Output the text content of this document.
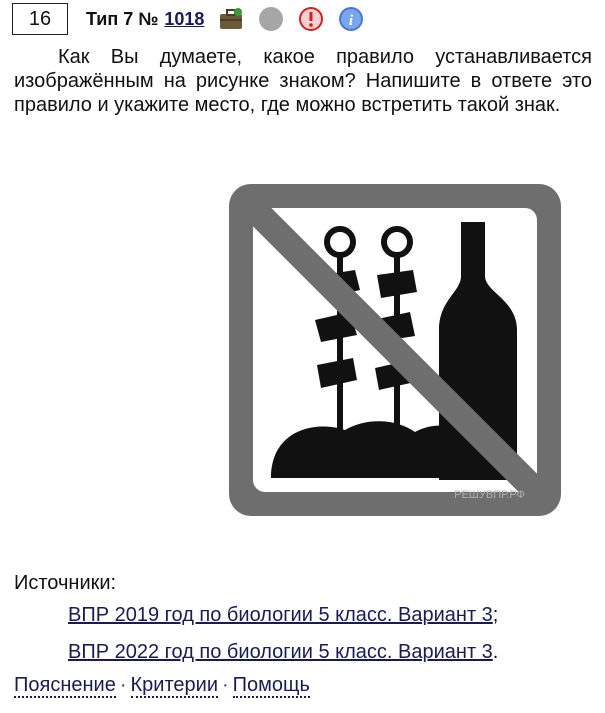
16	Тип 7 № 1018	i
Как Вы думаете, какое правило устанавливается изображённым на рисунке знаком? Напишите в ответе это правило и укажите место, где можно встретить такой знак.
РЕШУВПР.РФ
Источники:
ВПР 2019 год по биологии 5 класс. Вариант 3;
ВПР 2022 год по биологии 5 класс. Вариант 3.
Пояснение · Критерии · Помощь
